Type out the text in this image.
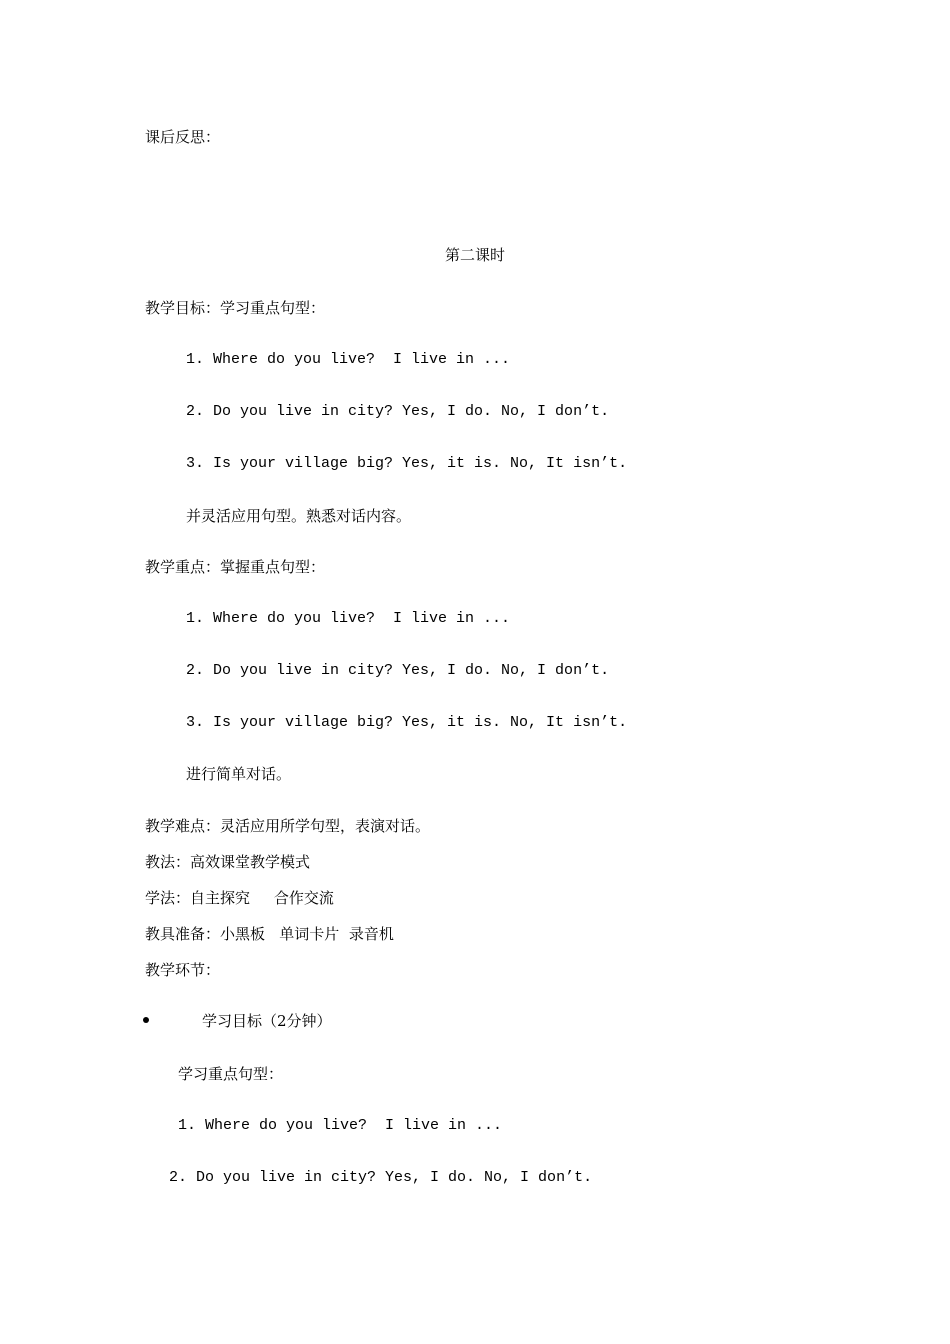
课后反思：
第二课时
教学目标：学习重点句型：
1. Where do you live?  I live in ...
2. Do you live in city? Yes, I do. No, I don’t.
3. Is your village big? Yes, it is. No, It isn’t.
并灵活应用句型。熟悉对话内容。
教学重点：掌握重点句型：
1. Where do you live?  I live in ...
2. Do you live in city? Yes, I do. No, I don’t.
3. Is your village big? Yes, it is. No, It isn’t.
进行简单对话。
教学难点：灵活应用所学句型，表演对话。
教法：高效课堂教学模式
学法：自主探究     合作交流
教具准备：小黑板   单词卡片  录音机
教学环节：
学习目标（2分钟）
学习重点句型：
1. Where do you live?  I live in ...
2. Do you live in city? Yes, I do. No, I don’t.
